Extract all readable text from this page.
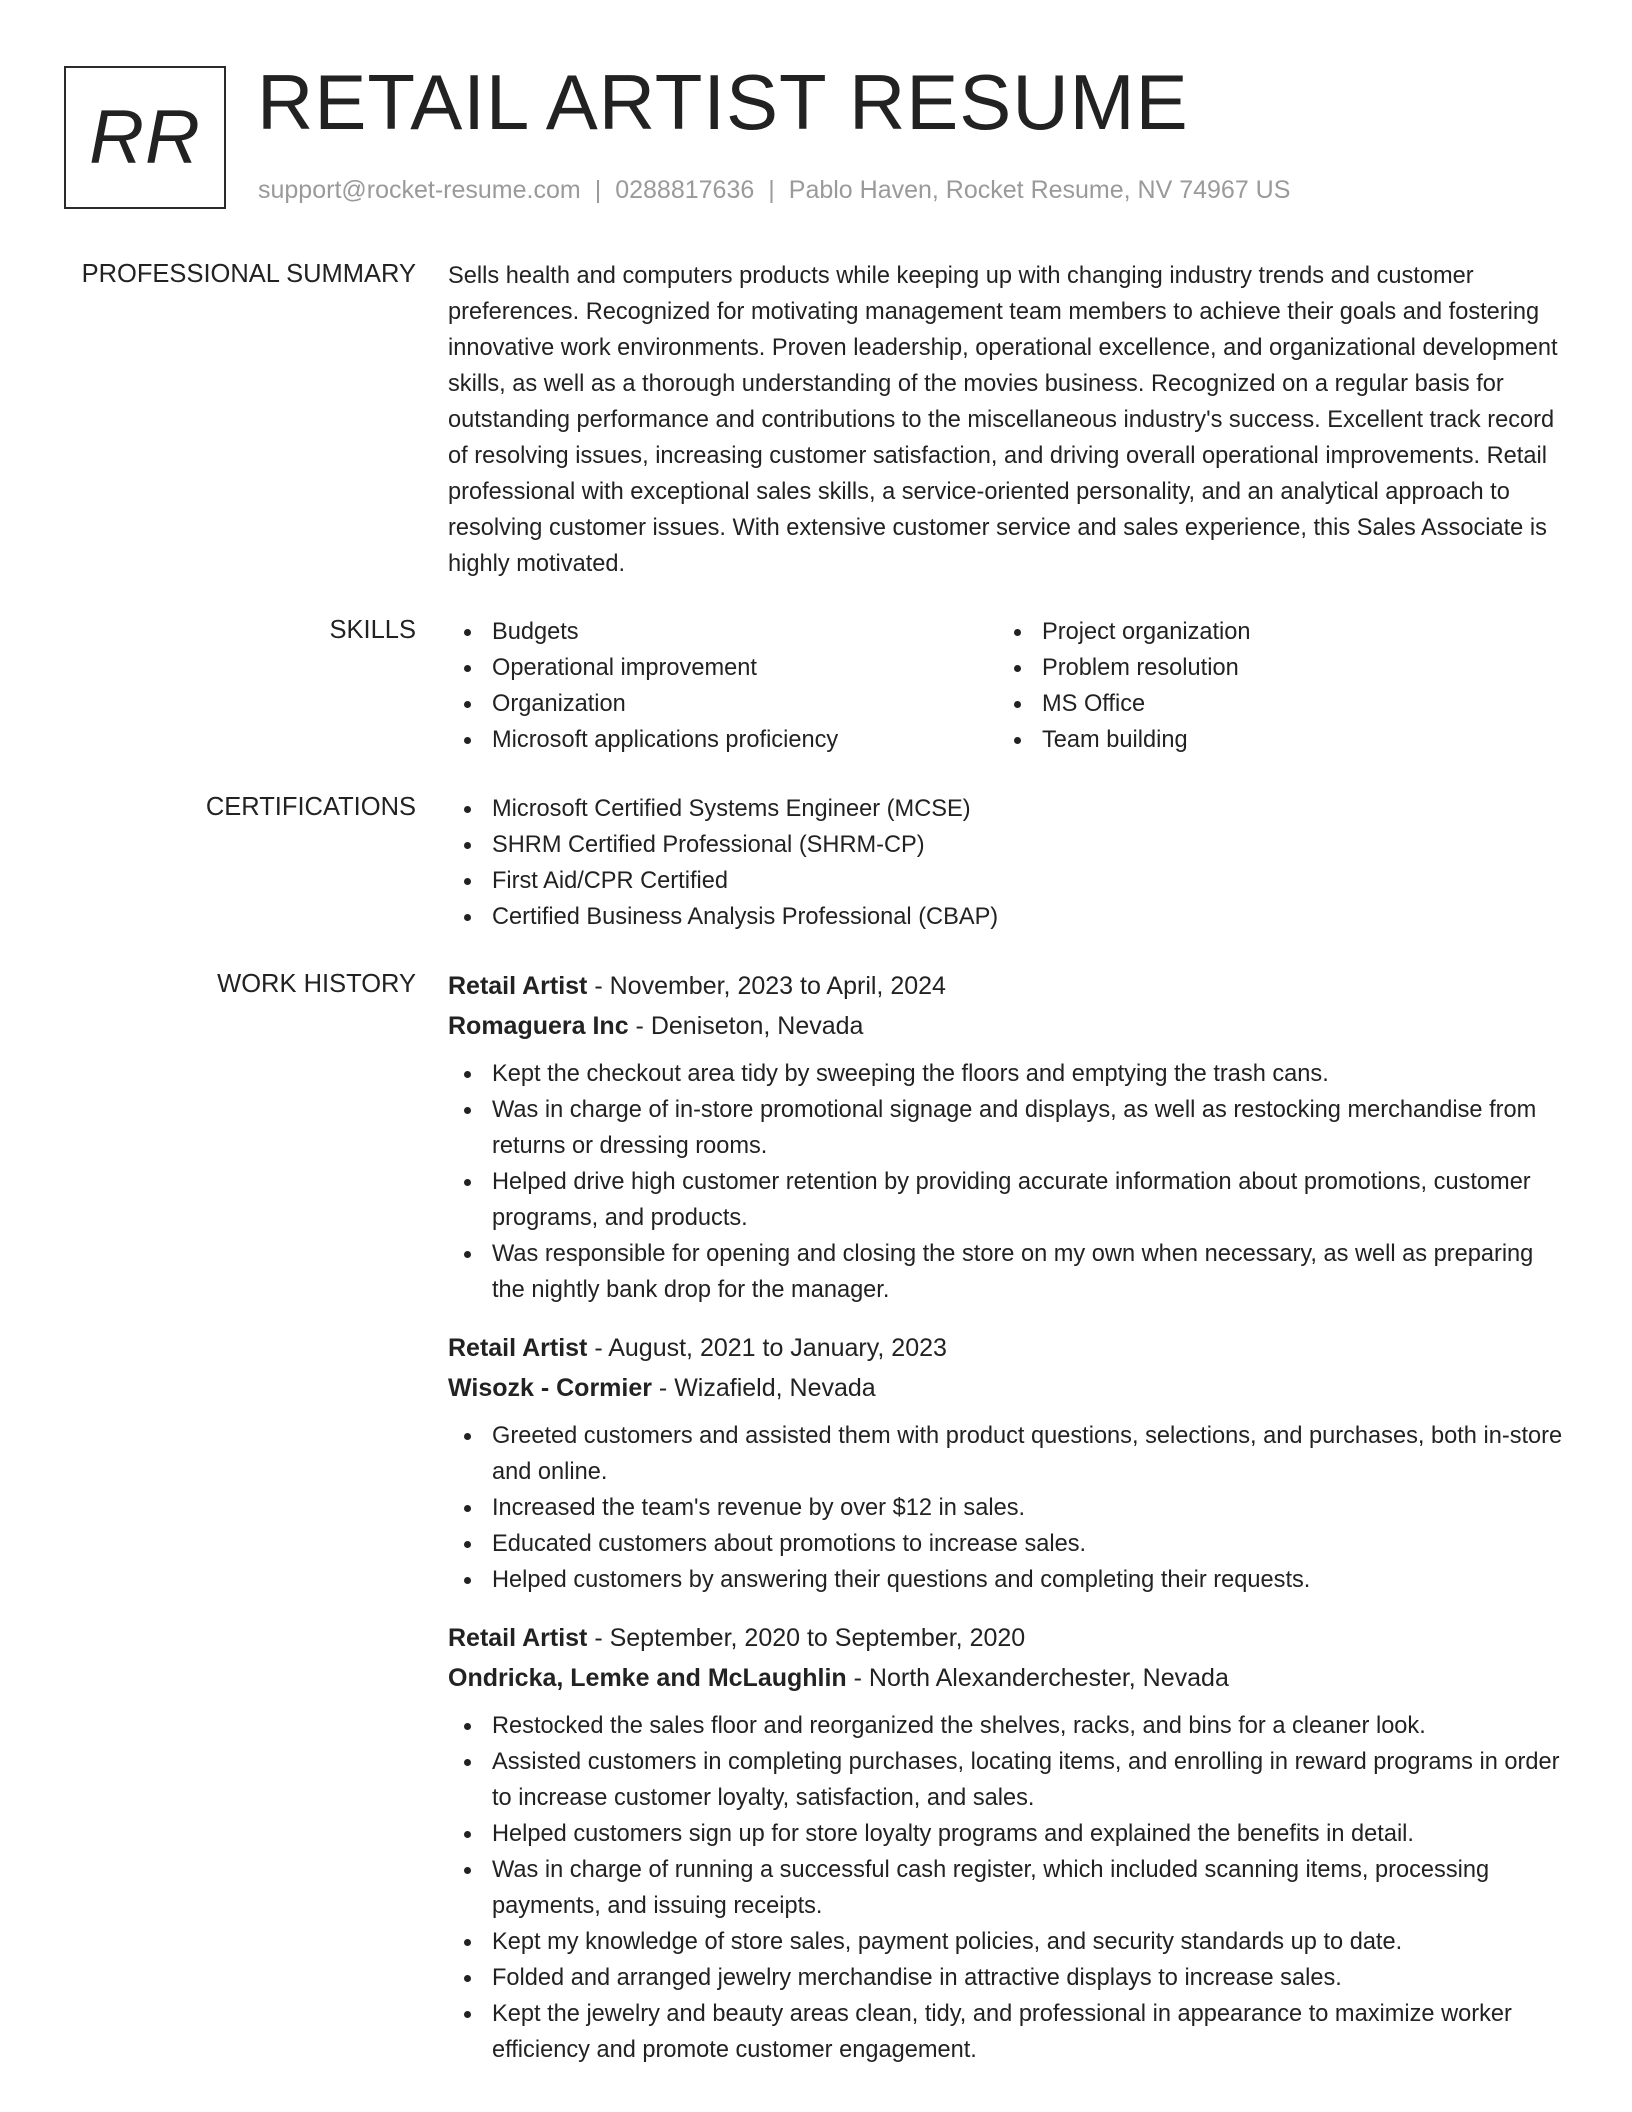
RR RETAIL ARTIST RESUME
support@rocket-resume.com | 0288817636 | Pablo Haven, Rocket Resume, NV 74967 US
PROFESSIONAL SUMMARY Sells health and computers products while keeping up with changing industry trends and customer preferences. Recognized for motivating management team members to achieve their goals and fostering innovative work environments. Proven leadership, operational excellence, and organizational development skills, as well as a thorough understanding of the movies business. Recognized on a regular basis for outstanding performance and contributions to the miscellaneous industry's success. Excellent track record of resolving issues, increasing customer satisfaction, and driving overall operational improvements. Retail professional with exceptional sales skills, a service-oriented personality, and an analytical approach to resolving customer issues. With extensive customer service and sales experience, this Sales Associate is highly motivated.

SKILLS	Budgets
Operational improvement
Organization
Microsoft applications proficiency
Project organization
Problem resolution
MS Office
Team building
CERTIFICATIONS	Microsoft Certified Systems Engineer (MCSE)
SHRM Certified Professional (SHRM-CP)
First Aid/CPR Certified
Certified Business Analysis Professional (CBAP)
WORK HISTORY Retail Artist - November, 2023 to April, 2024
Romaguera Inc - Deniseton, Nevada
Kept the checkout area tidy by sweeping the floors and emptying the trash cans.
Was in charge of in-store promotional signage and displays, as well as restocking merchandise from returns or dressing rooms.
Helped drive high customer retention by providing accurate information about promotions, customer programs, and products.
Was responsible for opening and closing the store on my own when necessary, as well as preparing the nightly bank drop for the manager.
Retail Artist - August, 2021 to January, 2023
Wisozk - Cormier - Wizafield, Nevada
Greeted customers and assisted them with product questions, selections, and purchases, both in-store and online.
Increased the team's revenue by over $12 in sales.
Educated customers about promotions to increase sales.
Helped customers by answering their questions and completing their requests.
Retail Artist - September, 2020 to September, 2020
Ondricka, Lemke and McLaughlin - North Alexanderchester, Nevada
Restocked the sales floor and reorganized the shelves, racks, and bins for a cleaner look.
Assisted customers in completing purchases, locating items, and enrolling in reward programs in order to increase customer loyalty, satisfaction, and sales.
Helped customers sign up for store loyalty programs and explained the benefits in detail.
Was in charge of running a successful cash register, which included scanning items, processing payments, and issuing receipts.
Kept my knowledge of store sales, payment policies, and security standards up to date.
Folded and arranged jewelry merchandise in attractive displays to increase sales.
Kept the jewelry and beauty areas clean, tidy, and professional in appearance to maximize worker efficiency and promote customer engagement.
